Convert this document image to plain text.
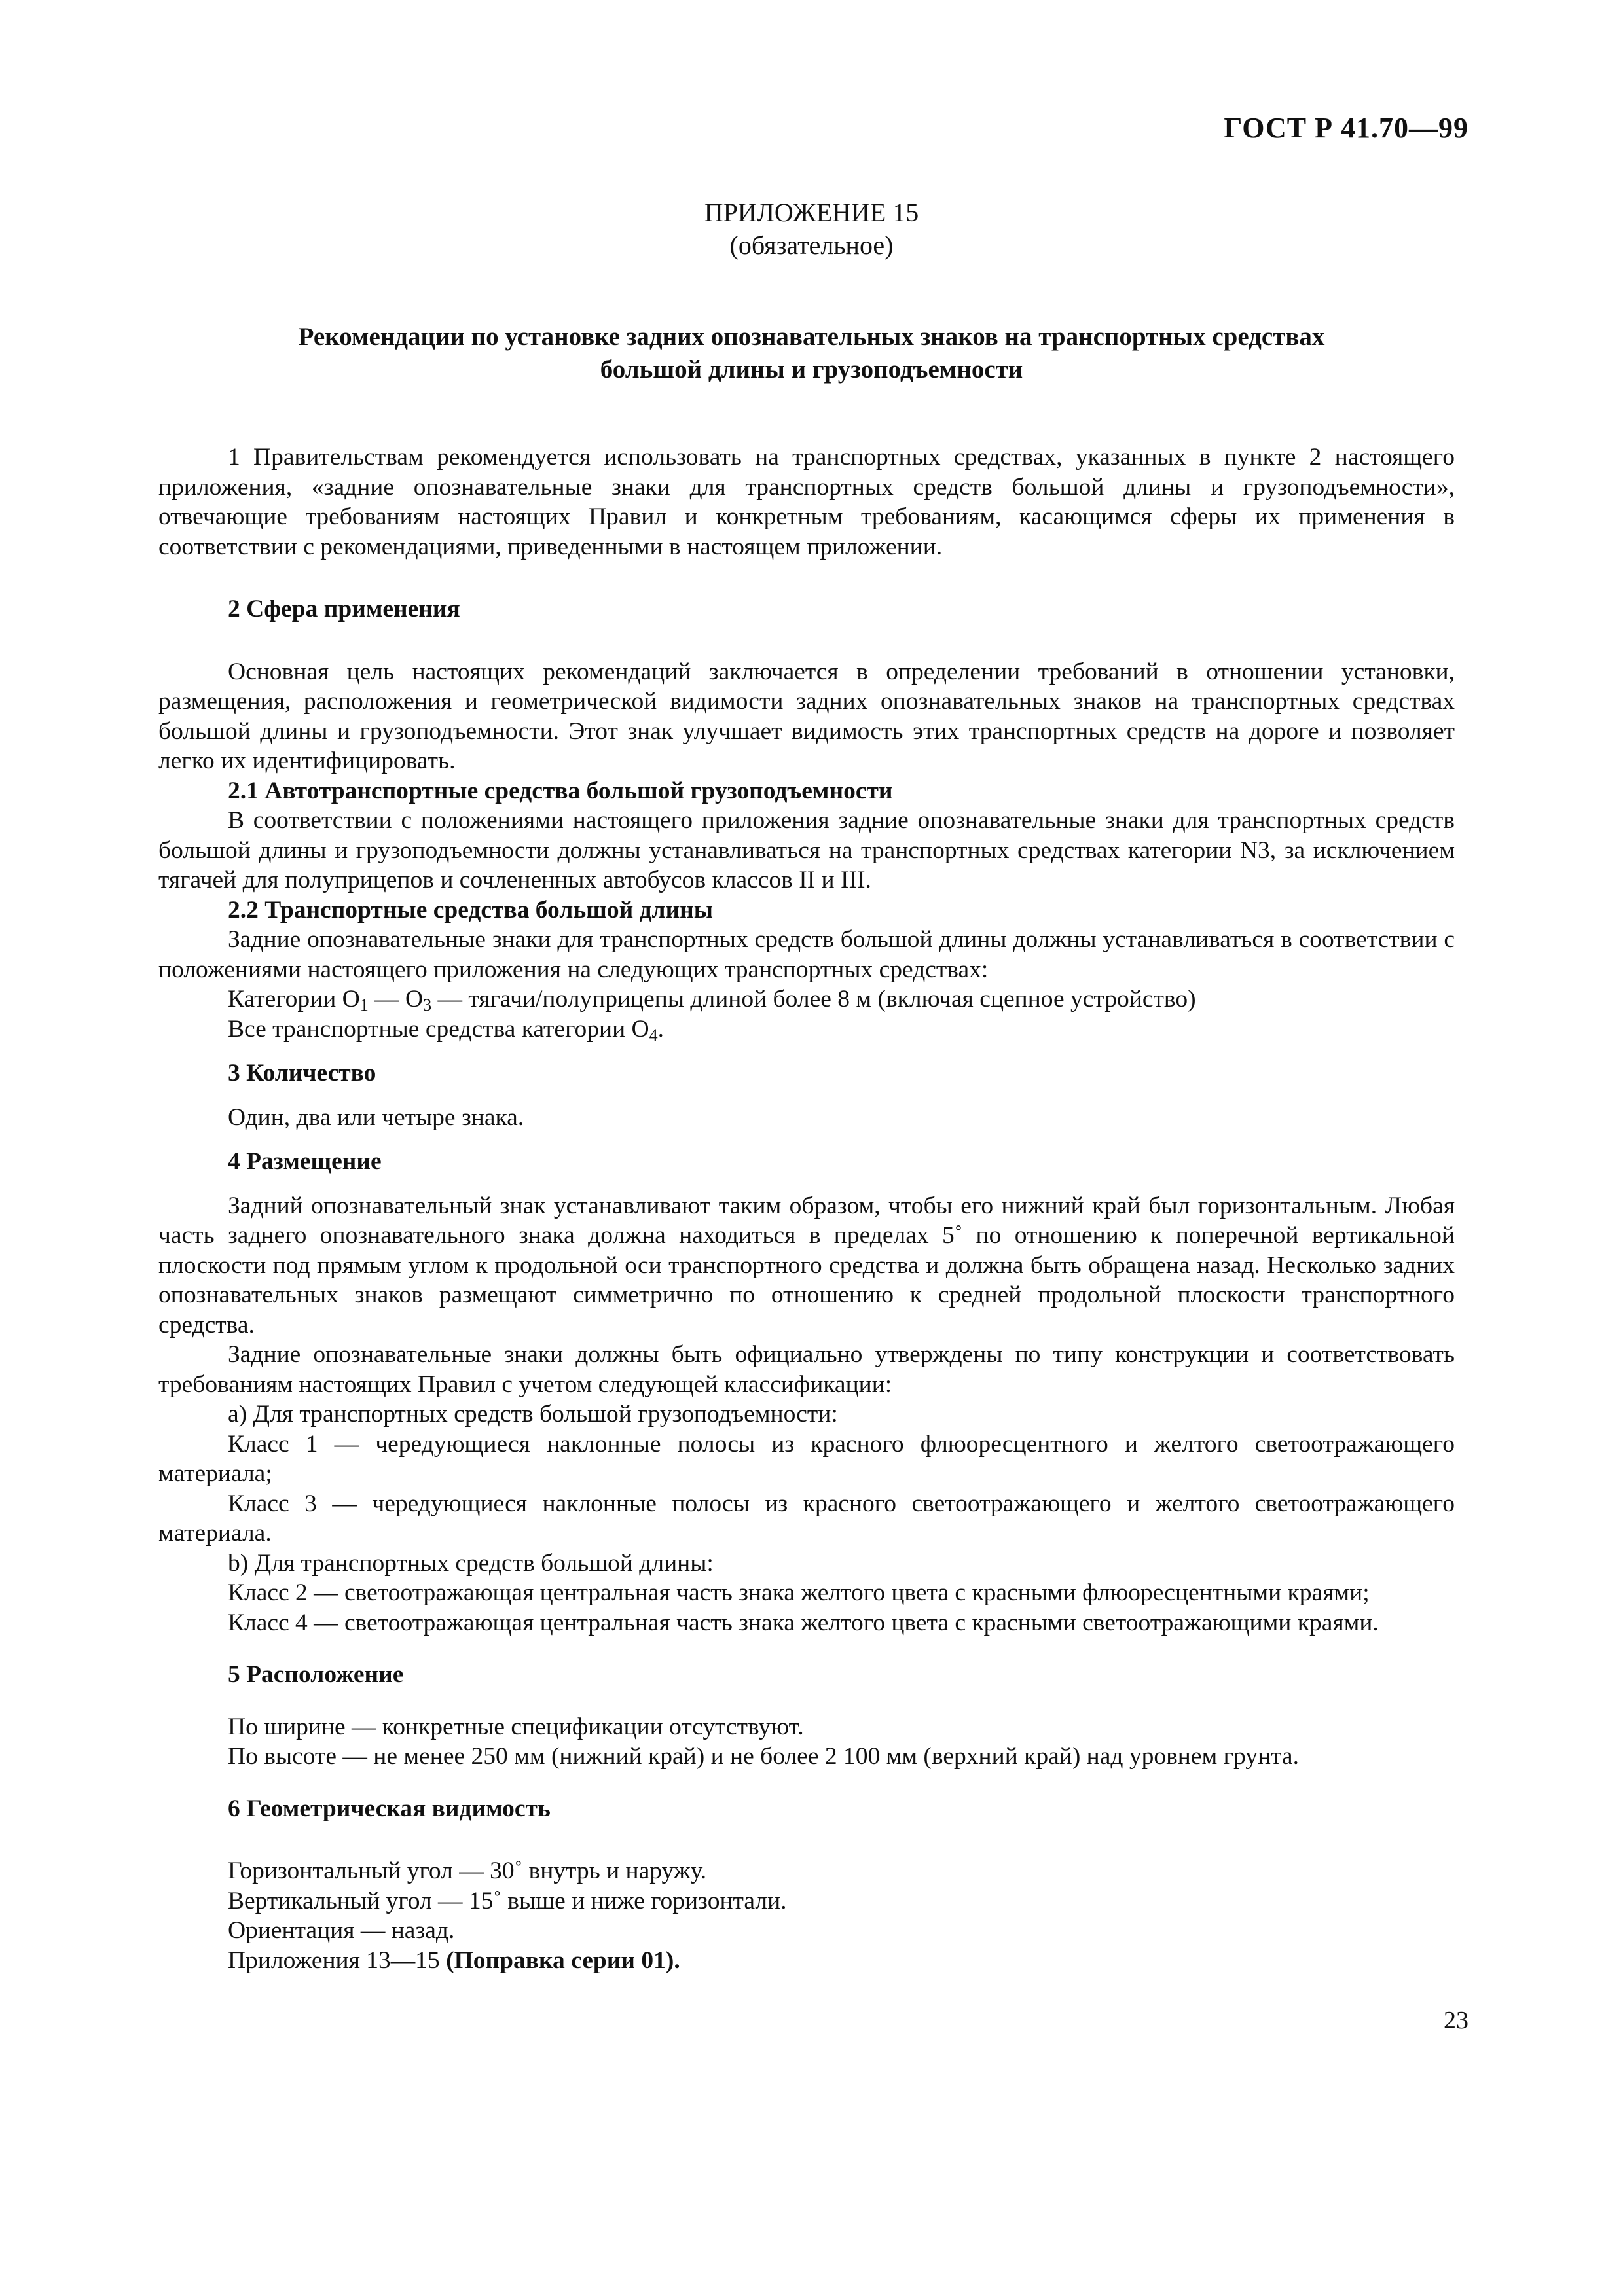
ГОСТ Р 41.70—99
ПРИЛОЖЕНИЕ 15
(обязательное)
Рекомендации по установке задних опознавательных знаков на транспортных средствах
большой длины и грузоподъемности

1 Правительствам рекомендуется использовать на транспортных средствах, указанных в пункте 2 настоящего приложения, «задние опознавательные знаки для транспортных средств большой длины и грузоподъемности», отвечающие требованиям настоящих Правил и конкретным требованиям, касающимся сферы их применения в соответствии с рекомендациями, приведенными в настоящем приложении.

2 Сфера применения

Основная цель настоящих рекомендаций заключается в определении требований в отношении установки, размещения, расположения и геометрической видимости задних опознавательных знаков на транспортных средствах большой длины и грузоподъемности. Этот знак улучшает видимость этих транспортных средств на дороге и позволяет легко их идентифицировать.

2.1 Автотранспортные средства большой грузоподъемности

В соответствии с положениями настоящего приложения задние опознавательные знаки для транспортных средств большой длины и грузоподъемности должны устанавливаться на транспортных средствах категории N3, за исключением тягачей для полуприцепов и сочлененных автобусов классов II и III.

2.2 Транспортные средства большой длины

Задние опознавательные знаки для транспортных средств большой длины должны устанавливаться в соответствии с положениями настоящего приложения на следующих транспортных средствах:

Категории $O_1$ — $O_3$ — тягачи/полуприцепы длиной более 8 м (включая сцепное устройство)

Все транспортные средства категории $O_4$.

3 Количество

Один, два или четыре знака.

4 Размещение

Задний опознавательный знак устанавливают таким образом, чтобы его нижний край был горизонтальным. Любая часть заднего опознавательного знака должна находиться в пределах 5˚ по отношению к поперечной вертикальной плоскости под прямым углом к продольной оси транспортного средства и должна быть обращена назад. Несколько задних опознавательных знаков размещают симметрично по отношению к средней продольной плоскости транспортного средства.

Задние опознавательные знаки должны быть официально утверждены по типу конструкции и соответствовать требованиям настоящих Правил с учетом следующей классификации:

a) Для транспортных средств большой грузоподъемности:

Класс 1 — чередующиеся наклонные полосы из красного флюоресцентного и желтого светоотражающего материала;

Класс 3 — чередующиеся наклонные полосы из красного светоотражающего и желтого светоотражающего материала.

b) Для транспортных средств большой длины:

Класс 2 — светоотражающая центральная часть знака желтого цвета с красными флюоресцентными краями;

Класс 4 — светоотражающая центральная часть знака желтого цвета с красными светоотражающими краями.

5 Расположение

По ширине — конкретные спецификации отсутствуют.

По высоте — не менее 250 мм (нижний край) и не более 2 100 мм (верхний край) над уровнем грунта.

6 Геометрическая видимость

Горизонтальный угол — 30˚ внутрь и наружу.

Вертикальный угол — 15˚ выше и ниже горизонтали.

Ориентация — назад.

Приложения 13—15 (Поправка серии 01).

23
